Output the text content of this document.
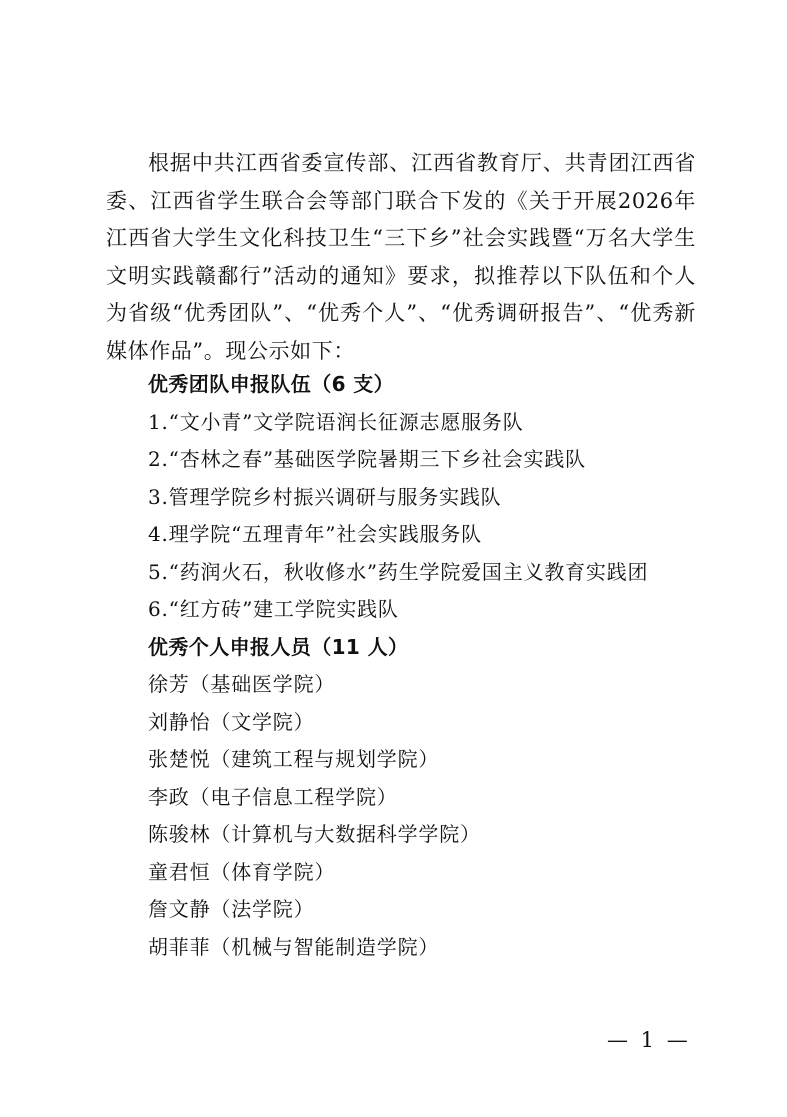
根据中共江西省委宣传部、江西省教育厅、共青团江西省委、江西省学生联合会等部门联合下发的《关于开展2026年江西省大学生文化科技卫生“三下乡”社会实践暨“万名大学生文明实践赣鄱行”活动的通知》要求，拟推荐以下队伍和个人为省级“优秀团队”、“优秀个人”、“优秀调研报告”、“优秀新媒体作品”。现公示如下：

优秀团队申报队伍（6 支）
1.“文小青”文学院语润长征源志愿服务队
2.“杏林之春”基础医学院暑期三下乡社会实践队
3.管理学院乡村振兴调研与服务实践队
4.理学院“五理青年”社会实践服务队
5.“药润火石，秋收修水”药生学院爱国主义教育实践团
6.“红方砖”建工学院实践队
优秀个人申报人员（11 人）
徐芳（基础医学院）
刘静怡（文学院）
张楚悦（建筑工程与规划学院）
李政（电子信息工程学院）
陈骏林（计算机与大数据科学学院）
童君恒（体育学院）
詹文静（法学院）
胡菲菲（机械与智能制造学院）
— 1 —
